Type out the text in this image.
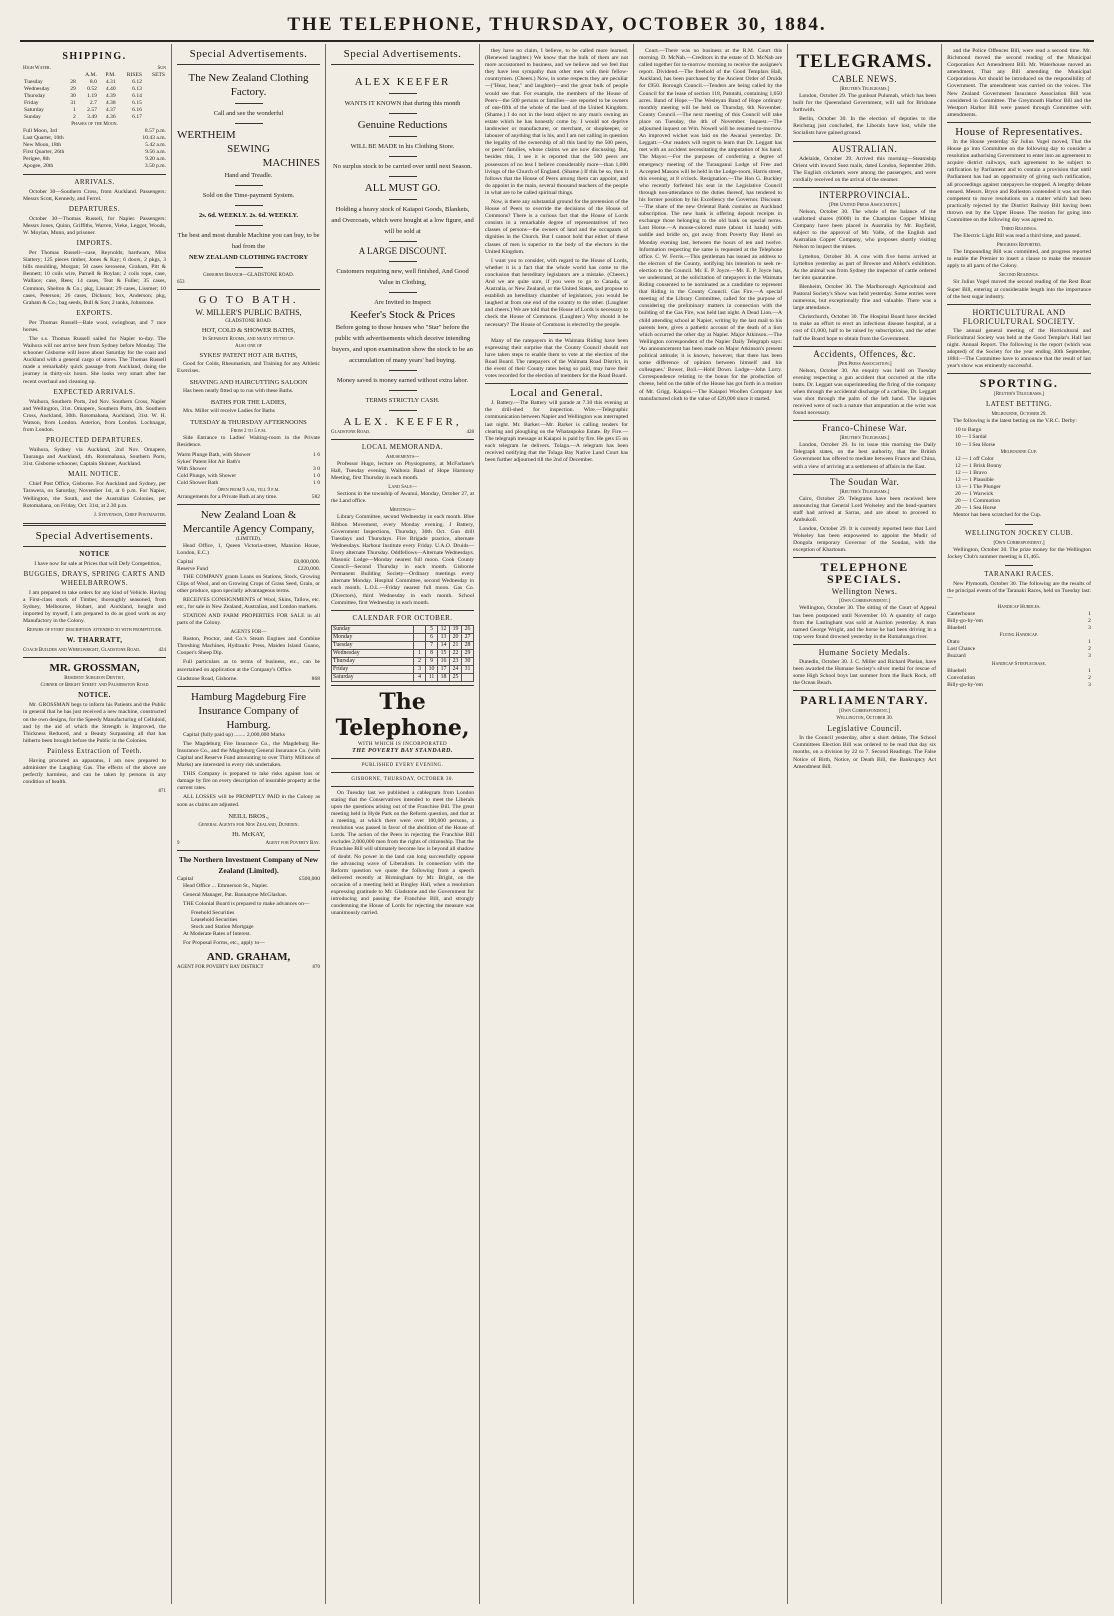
THE TELEPHONE, THURSDAY, OCTOBER 30, 1884.
SHIPPING.
High Water.	Sun
		A.M.	P.M.	RISES	SETS
Tuesday	28	8.0	4.31	6.12	
Wednesday	29	0.52	4.40	6.13	
Thursday	30	1.19	4.39	6.14	
Friday	31	2.7	4.38	6.15	
Saturday	1	2.57	4.37	6.16	
Sunday	2	3.49	4.36	6.17	
Phases of the Moon.
Full Moon, 3rd	8.57 p.m.
Last Quarter, 10th	10.43 a.m.
New Moon, 18th	5.42 a.m.
First Quarter, 26th	9.56 a.m.
Perigee, 8th	9.20 a.m.
Apogee, 20th	3.50 p.m.
ARRIVALS.
October 30—Southern Cross, from Auckland. Passengers: Messrs Scott, Kennedy, and Ferrel.
DEPARTURES.
October 30—Thomas Russell, for Napier. Passengers: Messrs Jones, Quinn, Griffiths, Warren, Vieke, Leggot, Woods, W. Moylan, Munn, and prisoner.
IMPORTS.
Per Thomas Russell—case, Reynolds; hardware, Miss Slattery; 125 pieces timber, Jones & Kay; 6 doors, 2 pkgs, 3 bills moulding, Morgan; 50 cases kerosene, Graham, Pitt & Bennett; 10 coils wire, Parnell & Boylan; 2 coils rope, case, Wallace; case, Rees; 14 cases, Teat & Fuller; 35 cases, Common, Shelton & Co.; pkg, Lissant; 29 cases, Lissmer; 10 cases, Peterson; 26 cases, Dickson; box, Anderson; pkg, Graham & Co.; bag seeds, Bull & Son; 2 tanks, Johnstone.
EXPORTS.
Per Thomas Russell—Bale wool, swingboat, and 7 race horses.
The s.s. Thomas Russell sailed for Napier to-day. The Waihora will not arrive here from Sydney before Monday. The schooner Gisborne will leave about Saturday for the coast and Auckland with a general cargo of stores. The Thomas Russell made a remarkably quick passage from Auckland, doing the journey in thirty-six hours. She looks very smart after her recent overhaul and cleaning up.
EXPECTED ARRIVALS.
Waihora, Southern Ports, 2nd Nov. Southern Cross, Napier and Wellington, 31st. Omapere, Southern Ports, 4th. Southern Cross, Auckland, 30th. Rotomahana, Auckland, 31st. W. H. Watson, from London. Asterion, from London. Lochnagar, from London.
PROJECTED DEPARTURES.
Waihora, Sydney via Auckland, 2nd Nov. Omapere, Tauranga and Auckland, 4th. Rotomahana, Southern Ports, 31st. Gisborne schooner, Captain Skinner, Auckland.
MAIL NOTICE.
Chief Post Office, Gisborne. For Auckland and Sydney, per Tarawera, on Saturday, November 1st, at 6 p.m. For Napier, Wellington, the South, and the Australian Colonies, per Rotomahana, on Friday, Oct. 31st, at 2.30 p.m.
J. Stevenson, Chief Postmaster.
Special Advertisements.
NOTICE
I have now for sale at Prices that will Defy Competition,
BUGGIES, DRAYS, SPRING CARTS AND WHEELBARROWS.
I am prepared to take orders for any kind of Vehicle. Having a First-class stock of Timber, thoroughly seasoned, from Sydney, Melbourne, Hobart, and Auckland, bought and imported by myself, I am prepared to do as good work as any Manufactory in the Colony.
Repairs of every description attended to with promptitude.
W. THARRATT,
Coach Builder and Wheelwright, Gladstone Road.	424
MR. GROSSMAN,
Resident Surgeon Dentist,
Corner of Bright Street and Palmerston Road
NOTICE.
Mr. GROSSMAN begs to inform his Patients and the Public in general that he has just received a new machine, constructed on the own designs, for the Speedy Manufacturing of Celluloid, and by the aid of which the Strength is Improved, the Thickness Reduced, and a Beauty Surpassing all that has hitherto been brought before the Public in the Colonies.
Painless Extraction of Teeth.
Having procured an apparatus, I am now prepared to administer the Laughing Gas. The effects of the above are perfectly harmless, and can be taken by persons in any condition of health.
871
Special Advertisements.
The New Zealand Clothing Factory.
Call and see the wonderful
WERTHEIM
SEWING
MACHINES
Hand and Treadle.
Sold on the Time-payment System.
2s. 6d. WEEKLY. 2s. 6d. WEEKLY.
The best and most durable Machine you can buy, to be had from the
NEW ZEALAND CLOTHING FACTORY
Gisborne Branch—GLADSTONE ROAD.
653
GO TO BATH.
W. MILLER'S PUBLIC BATHS,
GLADSTONE ROAD.
HOT, COLD & SHOWER BATHS,
In Separate Rooms, and neatly fitted up.
Also one of
SYKES' PATENT HOT AIR BATHS,
Good for Colds, Rheumatism, and Training for any Athletic Exercises.
SHAVING AND HAIRCUTTING SALOON
Has been neatly fitted up to run with these Baths.
BATHS FOR THE LADIES,
Mrs. Miller will receive Ladies for Baths
TUESDAY & THURSDAY AFTERNOONS
From 2 to 5 p.m.
Side Entrance to Ladies' Waiting-room in the Private Residence.
Warm Plunge Bath, with Shower	1 6
Sykes' Patent Hot Air Bath's
With Shower	3 0
Cold Plunge, with Shower	1 0
Cold Shower Bath	1 0
Open from 9 a.m., till 9 p.m.
Arrangements for a Private Bath at any time.	582
New Zealand Loan & Mercantile Agency Company,
(LIMITED).
Head Office, 1, Queen Victoria-street, Mansion House, London, E.C.)
Capital	£8,000,000.
Reserve Fund	£220,000.
THE COMPANY grants Loans on Stations, Stock, Growing Clips of Wool, and on Growing Crops of Grass Seed, Grain, or other produce, upon specially advantageous terms.
RECEIVES CONSIGNMENTS of Wool, Skins, Tallow, etc. etc., for sale in New Zealand, Australian, and London markets.
STATION AND FARM PROPERTIES FOR SALE in all parts of the Colony.
AGENTS FOR—
Ruston, Proctor, and Co.'s Steam Engines and Combine Threshing Machines, Hydraulic Press, Maiden Island Guano, Cooper's Sheep Dip.
Full particulars as to terms of business, etc., can be ascertained on application at the Company's Office.
Gladstone Road, Gisborne.	868
Hamburg Magdeburg Fire Insurance Company of Hamburg.
Capital (fully paid up) ........ 2,000,000 Marks
The Magdeburg Fire Insurance Co., the Magdeburg Re-Insurance Co., and the Magdeburg General Insurance Co. (with Capital and Reserve Fund amounting to over Thirty Millions of Marks) are interested in every risk undertaken.
THIS Company is prepared to take risks against loss or damage by fire on every description of insurable property at the current rates.
ALL LOSSES will be PROMPTLY PAID in the Colony as soon as claims are adjusted.
NEILL BROS.,
General Agents for New Zealand, Dunedin.
Ht. McKAY,
9	Agent for Poverty Bay.
The Northern Investment Company of New Zealand (Limited).
Capital	£500,000
Head Office ... Emmerson St., Napier.
General Manager, Pat. Bannatyne McGlashan.
THE Colonial Board is prepared to make advances on—
Freehold Securities
Leasehold Securities
Stock and Station Mortgage
At Moderate Rates of Interest.
For Proposal Forms, etc., apply to—
AND. GRAHAM,
AGENT FOR POVERTY BAY DISTRICT	870
Special Advertisements.
ALEX KEEFER
WANTS IT KNOWN that during this month
Genuine Reductions
WILL BE MADE in his Clothing Store.
No surplus stock to be carried over until next Season.
ALL MUST GO.
Holding a heavy stock of Kaiapoi Goods, Blankets, and Overcoats, which were bought at a low figure, and will be sold at
A LARGE DISCOUNT.
Customers requiring new, well finished, And Good Value in Clothing,
Are Invited to Inspect
Keefer's Stock & Prices
Before going to those houses who "Star" before the public with advertisements which deceive intending buyers, and upon examination show the stock to be an accumulation of many years' bad buying.
Money saved is money earned without extra labor.
TERMS STRICTLY CASH.
ALEX. KEEFER,
Gladstone Road.	428
LOCAL MEMORANDA.
Amusements—
Professor Hugo, lecture on Physiognomy, at McFarlane's Hall, Tuesday evening. Waihora Band of Hope Harmony Meeting, first Thursday in each month.
Land Sale—
Sections in the township of Awanui, Monday, October 27, at the Land office.
Meetings—
Library Committee, second Wednesday in each month. Blue Ribbon Movement, every Monday evening. J Battery, Government Inspections, Thursday, 30th Oct. Gun drill Tuesdays and Thursdays. Fire Brigade practice, alternate Wednesdays. Harbour Institute every Friday. U.A.O. Druids—Every alternate Thursday. Oddfellows—Alternate Wednesdays. Masonic Lodge—Monday nearest full moon. Cook County Council—Second Thursday in each month. Gisborne Permanent Building Society—Ordinary meetings every alternate Monday. Hospital Committee, second Wednesday in each month. L.O.L.—Friday nearest full moon. Gas Co. (Directors), third Wednesday in each month. School Committee, first Wednesday in each month.
CALENDAR FOR OCTOBER.
Sunday		5	12	19	26
Monday		6	13	20	27
Tuesday		7	14	21	28
Wednesday	1	8	15	22	29
Thursday	2	9	16	23	30
Friday	3	10	17	24	31
Saturday	4	11	18	25	
The Telephone,
WITH WHICH IS INCORPORATED
THE POVERTY BAY STANDARD.
PUBLISHED EVERY EVENING.
GISBORNE, THURSDAY, OCTOBER 30.
On Tuesday last we published a cablegram from London stating that the Conservatives intended to meet the Liberals upon the questions arising out of the Franchise Bill. The great meeting held in Hyde Park on the Reform question, and that at a meeting, at which there were over 100,000 persons, a resolution was passed in favor of the abolition of the House of Lords. The action of the Peers in rejecting the Franchise Bill excludes 2,000,000 men from the rights of citizenship. That the Franchise Bill will ultimately become law is beyond all shadow of doubt. No power in the land can long successfully oppose the advancing wave of Liberalism. In connection with the Reform question we quote the following from a speech delivered recently at Birmingham by Mr. Bright, on the occasion of a meeting held at Bingley Hall, when a resolution expressing gratitude to Mr. Gladstone and the Government for introducing and passing the Franchise Bill, and strongly condemning the House of Lords for rejecting the measure was unanimously carried.
they have no claim, I believe, to be called more learned. (Renewed laughter.) We know that the bulk of them are not more accustomed to business, and we believe and we feel that they have less sympathy than other men with their fellow-countrymen. (Cheers.) Now, in some respects they are peculiar—("Hear, hear," and laughter)—and the great bulk of people would see that. For example, the members of the House of Peers—the 500 persons or families—are reported to be owners of one-fifth of the whole of the land of the United Kingdom. (Shame.) I do not in the least object to any man's owning an estate which he has honestly come by. I would not deprive landowner or manufacturer, or merchant, or shopkeeper, or labourer of anything that is his, and I am not calling in question the legality of the ownership of all this land by the 500 peers, or peers' families, whose claims we are now discussing. But, besides this, I see it is reported that the 500 peers are possessors of no less I believe considerably more—than 1,000 livings of the Church of England. (Shame.) If this be so, then it follows that the House of Peers among them can appoint, and do appoint in the main, several thousand teachers of the people in what are to be called spiritual things.
Now, is there any substantial ground for the pretension of the House of Peers to override the decisions of the House of Commons? There is a curious fact that the House of Lords consists in a remarkable degree of representatives of two classes of persons—the owners of land and the occupants of dignities in the Church. But I cannot hold that either of these classes of men is superior to the body of the electors in the United Kingdom.
I want you to consider, with regard to the House of Lords, whether it is a fact that the whole world has come to the conclusion that hereditary legislators are a mistake. (Cheers.) And we are quite sure, if you were to go to Canada, or Australia, or New Zealand, or the United States, and propose to establish an hereditary chamber of legislators, you would be laughed at from one end of the country to the other. (Laughter and cheers.) We are told that the House of Lords is necessary to check the House of Commons. (Laughter.) Why should it be necessary? The House of Commons is elected by the people.
Many of the ratepayers in the Waimata Riding have been expressing their surprise that the County Council should not have taken steps to enable them to vote at the election of the Road Board. The ratepayers of the Waimata Road District, in the event of their County rates being so paid, may have their votes recorded for the election of members for the Road Board.
Local and General.
J. Battery.—The Battery will parade at 7.30 this evening at the drill-shed for inspection. Wire.—Telegraphic communication between Napier and Wellington was interrupted last night. Mr. Barker.—Mr. Barker is calling tenders for clearing and ploughing on the Whataupoko Estate. By Fire.—The telegraph message at Kaiapoi is paid by fire. He gets £5 on each telegram he delivers. Tolaga.—A telegram has been received notifying that the Tolaga Bay Native Land Court has been further adjourned till the 2nd of December.
Court.—There was no business at the R.M. Court this morning. D. McNab.—Creditors in the estate of D. McNab are called together for to-morrow morning to receive the assignee's report. Dividend.—The freehold of the Good Templars Hall, Auckland, has been purchased by the Ancient Order of Druids for £950. Borough Council.—Tenders are being called by the Council for the lease of section 118, Patutahi, containing 1,050 acres. Band of Hope.—The Wesleyan Band of Hope ordinary monthly meeting will be held on Thursday, 6th November. County Council.—The next meeting of this Council will take place on Tuesday, the 4th of November. Inquest.—The adjourned inquest on Wm. Nowell will be resumed to-morrow. An improved wicket was laid on the Awanui yesterday. Dr. Leggatt.—Our readers will regret to learn that Dr. Leggatt has met with an accident necessitating the amputation of his hand. The Mayor.—For the purposes of conferring a degree of emergency meeting of the Turanganui Lodge of Free and Accepted Masons will be held in the Lodge-room, Harris street, this evening, at 8 o'clock. Resignation.—The Hon G. Buckley who recently forfeited his seat in the Legislative Council through non-attendance to the duties thereof, has tendered to his former position by his Excellency the Governor. Discount.—The share of the new Oriental Bank contains an Auckland subscription. The new bank is offering deposit receipts in exchange those belonging to the old bank on special terms. Lost Horse.—A mouse-colored mare (about 14 hands) with saddle and bridle on, got away from Poverty Bay Hotel on Monday evening last, between the hours of ten and twelve. Information respecting the same is requested at the Telephone office. C. W. Ferris.—This gentleman has issued an address to the electors of the County, notifying his intention to seek re-election to the Council. Mr. E. P. Joyce.—Mr. E. P. Joyce has, we understand, at the solicitation of ratepayers in the Waimata Riding consented to be nominated as a candidate to represent that Riding in the County Council. Gas Fire.—A special meeting of the Library Committee, called for the purpose of considering the preliminary matters in connection with the building of the Gas Fire, was held last night. A Dead Lion.—A child attending school at Napier, writing by the last mail to his parents here, gives a pathetic account of the death of a lion which occurred the other day at Napier. Major Atkinson.—The Wellington correspondent of the Napier Daily Telegraph says: 'An announcement has been made on Major Atkinson's present political attitude; it is known, however, that there has been some difference of opinion between himself and his colleagues.' Bower, Boil.—Hold Down. Lodge—John Lorry. Correspondence relating to the bonus for the production of cheese, held on the table of the House has got forth in a motion of Mr. Grigg. Kaiapoi.—The Kaiapoi Woollen Company has manufactured cloth to the value of £20,000 since it started.
TELEGRAMS.
CABLE NEWS.
[Reuter's Telegrams.]
London, October 29. The gunboat Pulumah, which has been built for the Queensland Government, will sail for Brisbane forthwith.
Berlin, October 30. In the election of deputies to the Reichstag just concluded, the Liberals have lost, while the Socialists have gained ground.
AUSTRALIAN.
Adelaide, October 29. Arrived this morning—Steamship Orient with inward Suez mails, dated London, September 26th. The English cricketers were among the passengers, and were cordially received on the arrival of the steamer.
INTERPROVINCIAL.
[Per United Press Association.]
Nelson, October 30. The whole of the balance of the unallotted shares (6000) in the Champion Copper Mining Company have been placed in Australia by Mr. Bayfield, subject to the approval of Mr. Valle, of the English and Australian Copper Company, who proposes shortly visiting Nelson to inspect the mines.
Lyttelton, October 30. A cow with five horns arrived at Lyttelton yesterday as part of Browne and Abbot's exhibition. As the animal was from Sydney the inspector of cattle ordered her into quarantine.
Blenheim, October 30. The Marlborough Agricultural and Pastoral Society's Show was held yesterday. Some entries were numerous, but exceptionally fine and valuable. There was a large attendance.
Christchurch, October 30. The Hospital Board have decided to make an effort to erect an infectious disease hospital, at a cost of £1,000, half to be raised by subscription, and the other half the Board hope to obtain from the Government.
Accidents, Offences, &c.
[Per Press Association.]
Nelson, October 30. An enquiry was held on Tuesday evening respecting a gun accident that occurred at the rifle butts. Dr. Leggatt was superintending the firing of the company when through the accidental discharge of a carbine, Dr. Leggatt was shot through the palm of the left hand. The injuries received were of such a nature that amputation at the wrist was found necessary.
Franco-Chinese War.
[Reuter's Telegrams.]
London, October 29. In its issue this morning the Daily Telegraph states, on the best authority, that the British Government has offered to mediate between France and China, with a view of arriving at a settlement of affairs in the East.
The Soudan War.
[Reuter's Telegrams.]
Cairo, October 29. Telegrams have been received here announcing that General Lord Wolseley and the head-quarters staff had arrived at Sarras, and are about to proceed to Ambukoll.
London, October 29. It is currently reported here that Lord Wolseley has been empowered to appoint the Mudir of Dongola temporary Governor of the Soudan, with the exception of Khartoum.
TELEPHONE SPECIALS.
Wellington News.
[Own Correspondent.]
Wellington, October 30. The sitting of the Court of Appeal has been postponed until November 10. A quantity of cargo from the Lastingham was sold at Auction yesterday. A man named George Wright, and the horse he had been driving in a trap were found drowned yesterday in the Rumahunga river.
Humane Society Medals.
Dunedin, October 30. J. C. Miller and Richard Phelan, have been awarded the Humane Society's silver medal for rescue of some High School boys last summer from the Back Rock, off the Ocean Beach.
PARLIAMENTARY.
[Own Correspondent.]
Wellington, October 30.
Legislative Council.
In the Council yesterday, after a short debate, The School Committees Election Bill was ordered to be read that day six months, on a division by 22 to 7. Second Readings. The False Notice of Birth, Notice, or Death Bill, the Bankruptcy Act Amendment Bill.
and the Police Offences Bill, were read a second time. Mr. Richmond moved the second reading of the Municipal Corporation Act Amendment Bill. Mr. Waterhouse moved an amendment, That any Bill amending the Municipal Corporations Act should be introduced on the responsibility of Government. The amendment was carried on the voices. The New Zealand Government Insurance Association Bill was considered in Committee. The Greymouth Harbor Bill and the Westport Harbor Bill were passed through Committee with amendments.
House of Representatives.
In the House yesterday Sir Julius Vogel moved, That the House go into Committee on the following day to consider a resolution authorising Government to enter into an agreement to acquire district railways, such agreement to be subject to ratification by Parliament and to contain a provision that until Parliament has had an opportunity of giving such ratification, all proceedings against ratepayers be stopped. A lengthy debate ensued. Messrs. Bryce and Rolleston contended it was not then competent to move resolutions on a matter which had been practically rejected by the District Railway Bill having been thrown out by the Upper House. The motion for going into Committee on the following day was agreed to.
Third Readings.
The Electric Light Bill was read a third time, and passed.
Progress Reported.
The Impounding Bill was committed, and progress reported to enable the Premier to insert a clause to make the measure apply to all parts of the Colony.
Second Readings.
Sir Julius Vogel moved the second reading of the Rest Boat Super Bill, entering at considerable length into the importance of the best sugar industry.
HORTICULTURAL AND FLORICULTURAL SOCIETY.
The annual general meeting of the Horticultural and Floricultural Society was held at the Good Templar's Hall last night. Annual Report. The following is the report (which was adopted) of the Society for the year ending 30th September, 1884:—The Committee have to announce that the result of last year's show was eminently successful.
SPORTING.
[Reuter's Telegrams.]
LATEST BETTING.
Melbourne, October 29.
The following is the latest betting on the V.R.C. Derby:
10 to Bargo
10 — I Sardal
10 — I Sea Horse
Melbourne Cup.
12 — 1 off Color
12 — 1 Brisk Bonny
12 — 1 Bravo
12 — 1 Plausible
13 — 1 The Plunger
20 — 1 Warwick
20 — 1 Commotion
20 — 1 Sea Horse
Mentor has been scratched for the Cup.
WELLINGTON JOCKEY CLUB.
[Own Correspondent.]
Wellington, October 30. The prize money for the Wellington Jockey Club's summer meeting is £1,465.
TARANAKI RACES.
New Plymouth, October 30. The following are the results of the principal events of the Taranaki Races, held on Tuesday last:—
Handicap Hurdles.
Canterhouse	1
Billy-go-by-'em	2
Bluebell	3
Flying Handicap.
Otato	1
Lost Chance	2
Buzzard	3
Handicap Steeplechase.
Bluebell	1
Convolution	2
Billy-go-by-'em	3
